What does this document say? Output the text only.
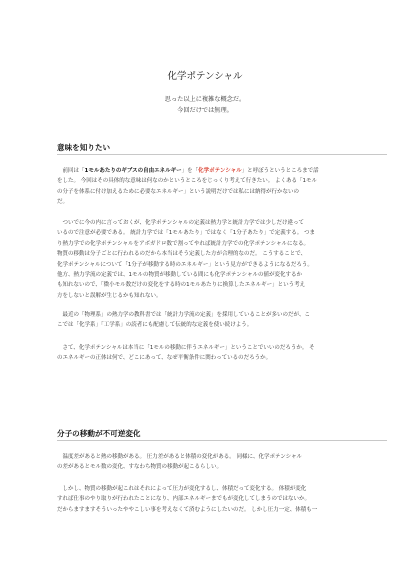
化学ポテンシャル
思った以上に複雑な概念だ。
今回だけでは無理。
意味を知りたい
　前回は「1モルあたりのギブスの自由エネルギー」を「化学ポテンシャル」と呼ぼうというところまで話
をした。 今回はその具体的な意味は何なのかというところをじっくり考えて行きたい。 よくある「1モル
の分子を体系に付け加えるために必要なエネルギー」という説明だけでは私には納得が行かないの
だ。
　ついでに今の内に言っておくが、化学ポテンシャルの定義は熱力学と統計力学では少しだけ違って
いるので注意が必要である。 統計力学では「1モルあたり」ではなく「1分子あたり」で定義する。 つま
り熱力学での化学ポテンシャルをアボガドロ数で割ってやれば統計力学での化学ポテンシャルになる。
物質の移動は分子ごとに行われるのだから本当はそう定義した方が合理的なのだ。 こうすることで、
化学ポテンシャルについて「1分子が移動する時のエネルギー」という見方ができるようになるだろう。
他方、熱力学流の定義では、1モルの物質が移動している間にも化学ポテンシャルの値が変化するか
も知れないので、「微小モル数だけの変化をする時の1モルあたりに換算したエネルギー」という考え
方をしないと誤解が生じるかも知れない。
　最近の「物理系」の熱力学の教科書では「統計力学流の定義」を採用していることが多いのだが、こ
こでは「化学系」「工学系」の読者にも配慮して伝統的な定義を使い続けよう。
　さて、化学ポテンシャルは本当に「1モルの移動に伴うエネルギー」ということでいいのだろうか。 そ
のエネルギーの正体は何で、どこにあって、なぜ平衡条件に関わっているのだろうか。
分子の移動が不可逆変化
　温度差があると熱の移動がある。 圧力差があると体積の変化がある。 同様に、化学ポテンシャル
の差があるとモル数の変化、すなわち物質の移動が起こるらしい。
　しかし、物質の移動が起これはそれによって圧力が変化するし、体積だって変化する。 体積が変化
すれば仕事のやり取りが行われたことになり、内部エネルギーまでもが変化してしまうのではないか。
だからますますそういったややこしい事を考えなくて済むようにしたいのだ。 しかし圧力一定、体積も一
